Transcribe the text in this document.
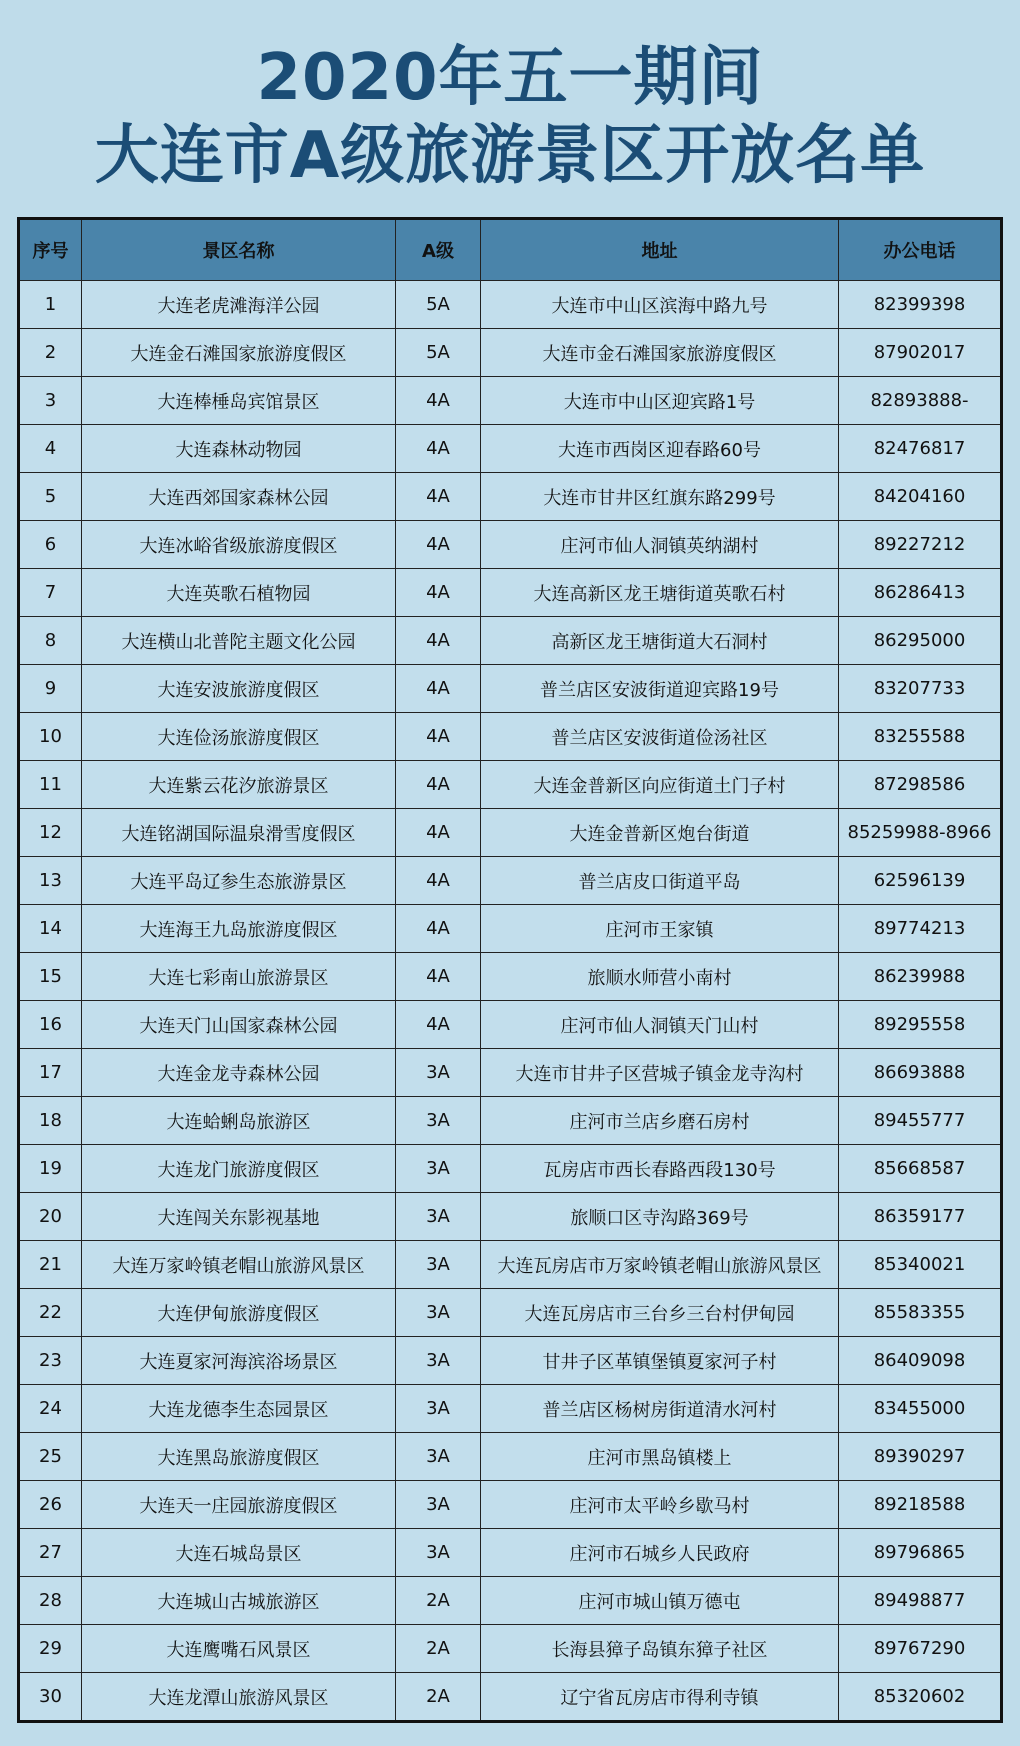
2020年五一期间
大连市A级旅游景区开放名单
序号	景区名称	A级	地址	办公电话
1	大连老虎滩海洋公园	5A	大连市中山区滨海中路九号	82399398
2	大连金石滩国家旅游度假区	5A	大连市金石滩国家旅游度假区	87902017
3	大连棒棰岛宾馆景区	4A	大连市中山区迎宾路1号	82893888-
4	大连森林动物园	4A	大连市西岗区迎春路60号	82476817
5	大连西郊国家森林公园	4A	大连市甘井区红旗东路299号	84204160
6	大连冰峪省级旅游度假区	4A	庄河市仙人洞镇英纳湖村	89227212
7	大连英歌石植物园	4A	大连高新区龙王塘街道英歌石村	86286413
8	大连横山北普陀主题文化公园	4A	高新区龙王塘街道大石洞村	86295000
9	大连安波旅游度假区	4A	普兰店区安波街道迎宾路19号	83207733
10	大连俭汤旅游度假区	4A	普兰店区安波街道俭汤社区	83255588
11	大连紫云花汐旅游景区	4A	大连金普新区向应街道土门子村	87298586
12	大连铭湖国际温泉滑雪度假区	4A	大连金普新区炮台街道	85259988-8966
13	大连平岛辽参生态旅游景区	4A	普兰店皮口街道平岛	62596139
14	大连海王九岛旅游度假区	4A	庄河市王家镇	89774213
15	大连七彩南山旅游景区	4A	旅顺水师营小南村	86239988
16	大连天门山国家森林公园	4A	庄河市仙人洞镇天门山村	89295558
17	大连金龙寺森林公园	3A	大连市甘井子区营城子镇金龙寺沟村	86693888
18	大连蛤蜊岛旅游区	3A	庄河市兰店乡磨石房村	89455777
19	大连龙门旅游度假区	3A	瓦房店市西长春路西段130号	85668587
20	大连闯关东影视基地	3A	旅顺口区寺沟路369号	86359177
21	大连万家岭镇老帽山旅游风景区	3A	大连瓦房店市万家岭镇老帽山旅游风景区	85340021
22	大连伊甸旅游度假区	3A	大连瓦房店市三台乡三台村伊甸园	85583355
23	大连夏家河海滨浴场景区	3A	甘井子区革镇堡镇夏家河子村	86409098
24	大连龙德李生态园景区	3A	普兰店区杨树房街道清水河村	83455000
25	大连黑岛旅游度假区	3A	庄河市黑岛镇楼上	89390297
26	大连天一庄园旅游度假区	3A	庄河市太平岭乡歇马村	89218588
27	大连石城岛景区	3A	庄河市石城乡人民政府	89796865
28	大连城山古城旅游区	2A	庄河市城山镇万德屯	89498877
29	大连鹰嘴石风景区	2A	长海县獐子岛镇东獐子社区	89767290
30	大连龙潭山旅游风景区	2A	辽宁省瓦房店市得利寺镇	85320602
